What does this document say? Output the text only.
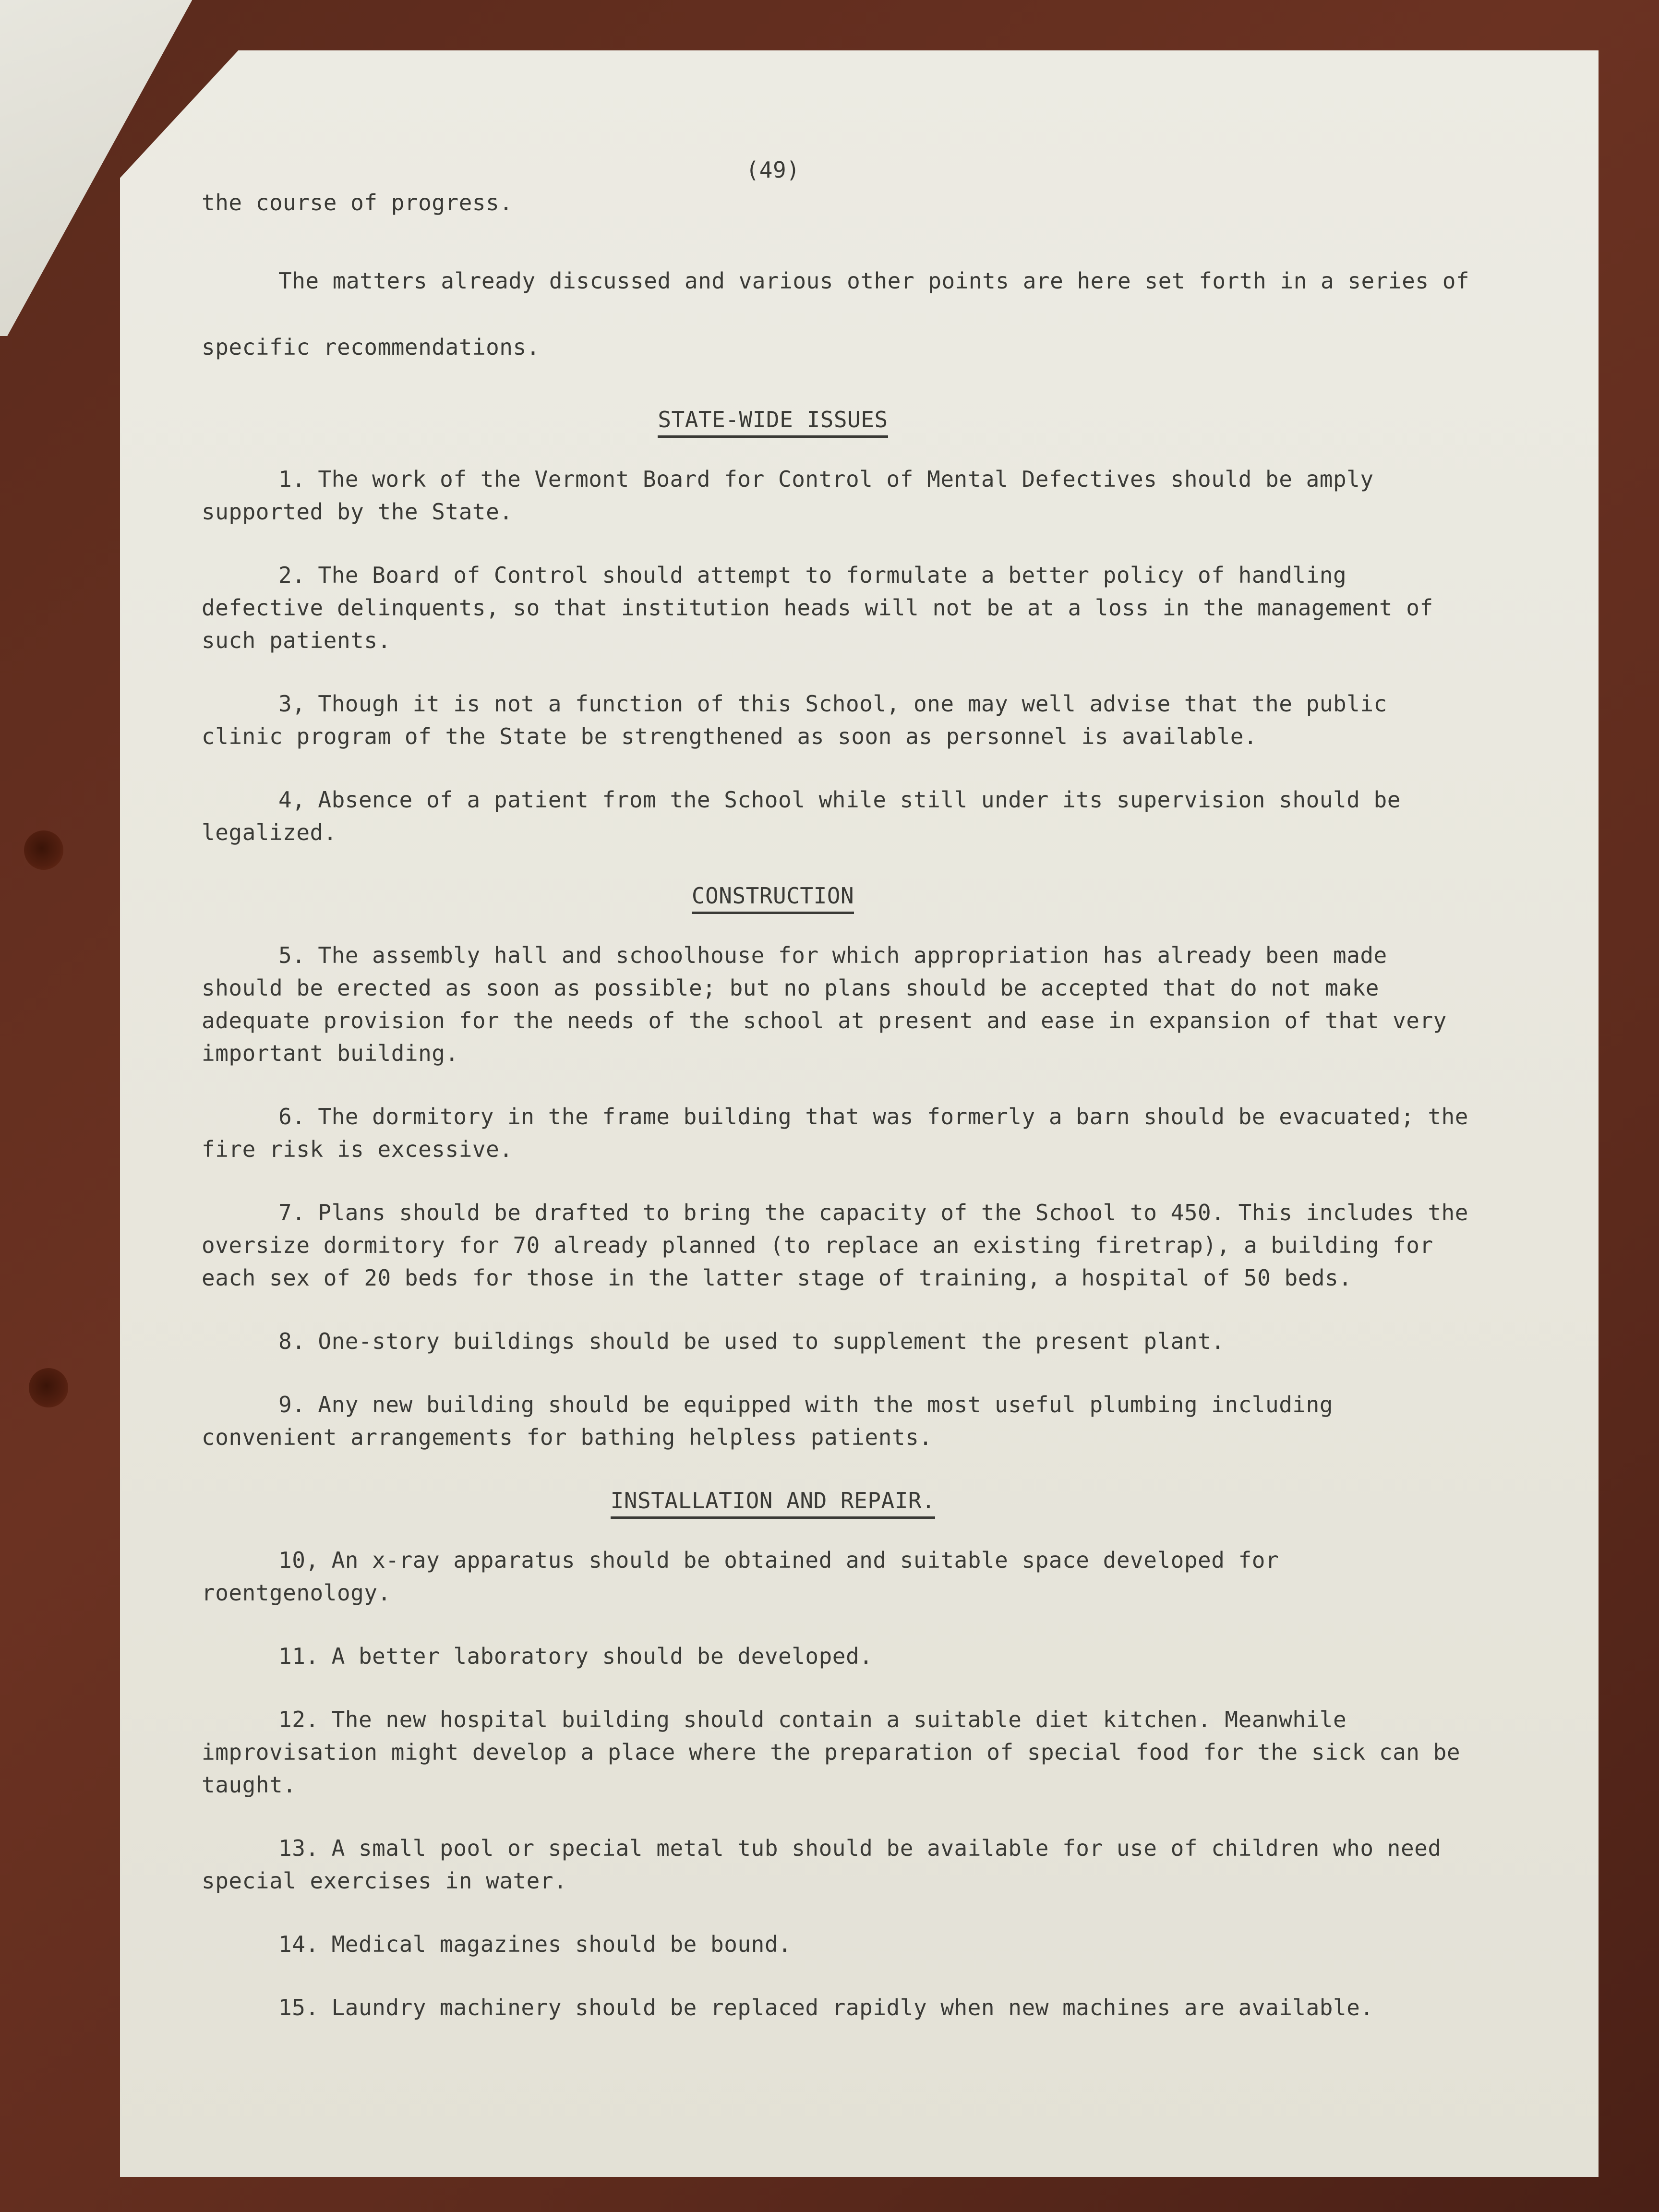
(49)

the course of progress.

The matters already discussed and various other points are here set forth in a series of specific recommendations.

STATE-WIDE ISSUES

1. The work of the Vermont Board for Control of Mental Defectives should be amply supported by the State.

2. The Board of Control should attempt to formulate a better policy of handling defective delinquents, so that institution heads will not be at a loss in the management of such patients.

3, Though it is not a function of this School, one may well advise that the public clinic program of the State be strengthened as soon as personnel is available.

4, Absence of a patient from the School while still under its supervision should be legalized.

CONSTRUCTION

5. The assembly hall and schoolhouse for which appropriation has already been made should be erected as soon as possible; but no plans should be accepted that do not make adequate provision for the needs of the school at present and ease in expansion of that very important building.

6. The dormitory in the frame building that was formerly a barn should be evacuated; the fire risk is excessive.

7. Plans should be drafted to bring the capacity of the School to 450. This includes the oversize dormitory for 70 already planned (to replace an existing firetrap), a building for each sex of 20 beds for those in the latter stage of training, a hospital of 50 beds.

8. One-story buildings should be used to supplement the present plant.

9. Any new building should be equipped with the most useful plumbing including convenient arrangements for bathing helpless patients.

INSTALLATION AND REPAIR.

10, An x-ray apparatus should be obtained and suitable space developed for roentgenology.

11. A better laboratory should be developed.

12. The new hospital building should contain a suitable diet kitchen. Meanwhile improvisation might develop a place where the preparation of special food for the sick can be taught.

13. A small pool or special metal tub should be available for use of children who need special exercises in water.

14. Medical magazines should be bound.

15. Laundry machinery should be replaced rapidly when new machines are available.
